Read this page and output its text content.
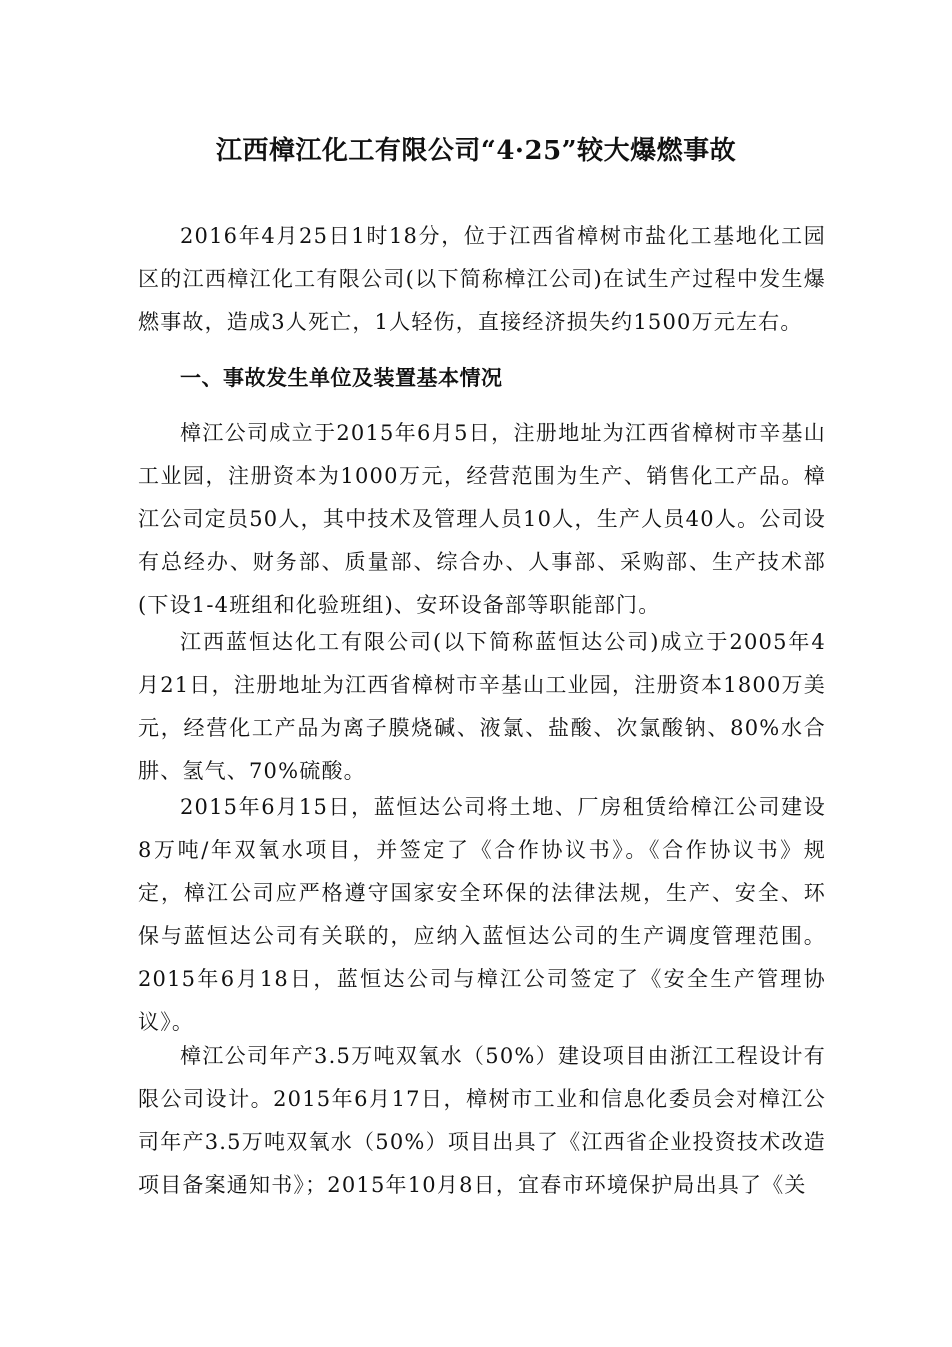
江西樟江化工有限公司“4·25”较大爆燃事故

2016年4月25日1时18分，位于江西省樟树市盐化工基地化工园区的江西樟江化工有限公司(以下简称樟江公司)在试生产过程中发生爆燃事故，造成3人死亡，1人轻伤，直接经济损失约1500万元左右。

一、事故发生单位及装置基本情况

樟江公司成立于2015年6月5日，注册地址为江西省樟树市辛基山工业园，注册资本为1000万元，经营范围为生产、销售化工产品。樟江公司定员50人，其中技术及管理人员10人，生产人员40人。公司设有总经办、财务部、质量部、综合办、人事部、采购部、生产技术部(下设1-4班组和化验班组)、安环设备部等职能部门。

江西蓝恒达化工有限公司(以下简称蓝恒达公司)成立于2005年4月21日，注册地址为江西省樟树市辛基山工业园，注册资本1800万美元，经营化工产品为离子膜烧碱、液氯、盐酸、次氯酸钠、80%水合肼、氢气、70%硫酸。

2015年6月15日，蓝恒达公司将土地、厂房租赁给樟江公司建设8万吨/年双氧水项目，并签定了《合作协议书》。《合作协议书》规定，樟江公司应严格遵守国家安全环保的法律法规，生产、安全、环保与蓝恒达公司有关联的，应纳入蓝恒达公司的生产调度管理范围。2015年6月18日，蓝恒达公司与樟江公司签定了《安全生产管理协议》。

樟江公司年产3.5万吨双氧水（50%）建设项目由浙江工程设计有限公司设计。2015年6月17日，樟树市工业和信息化委员会对樟江公司年产3.5万吨双氧水（50%）项目出具了《江西省企业投资技术改造项目备案通知书》；2015年10月8日，宜春市环境保护局出具了《关
